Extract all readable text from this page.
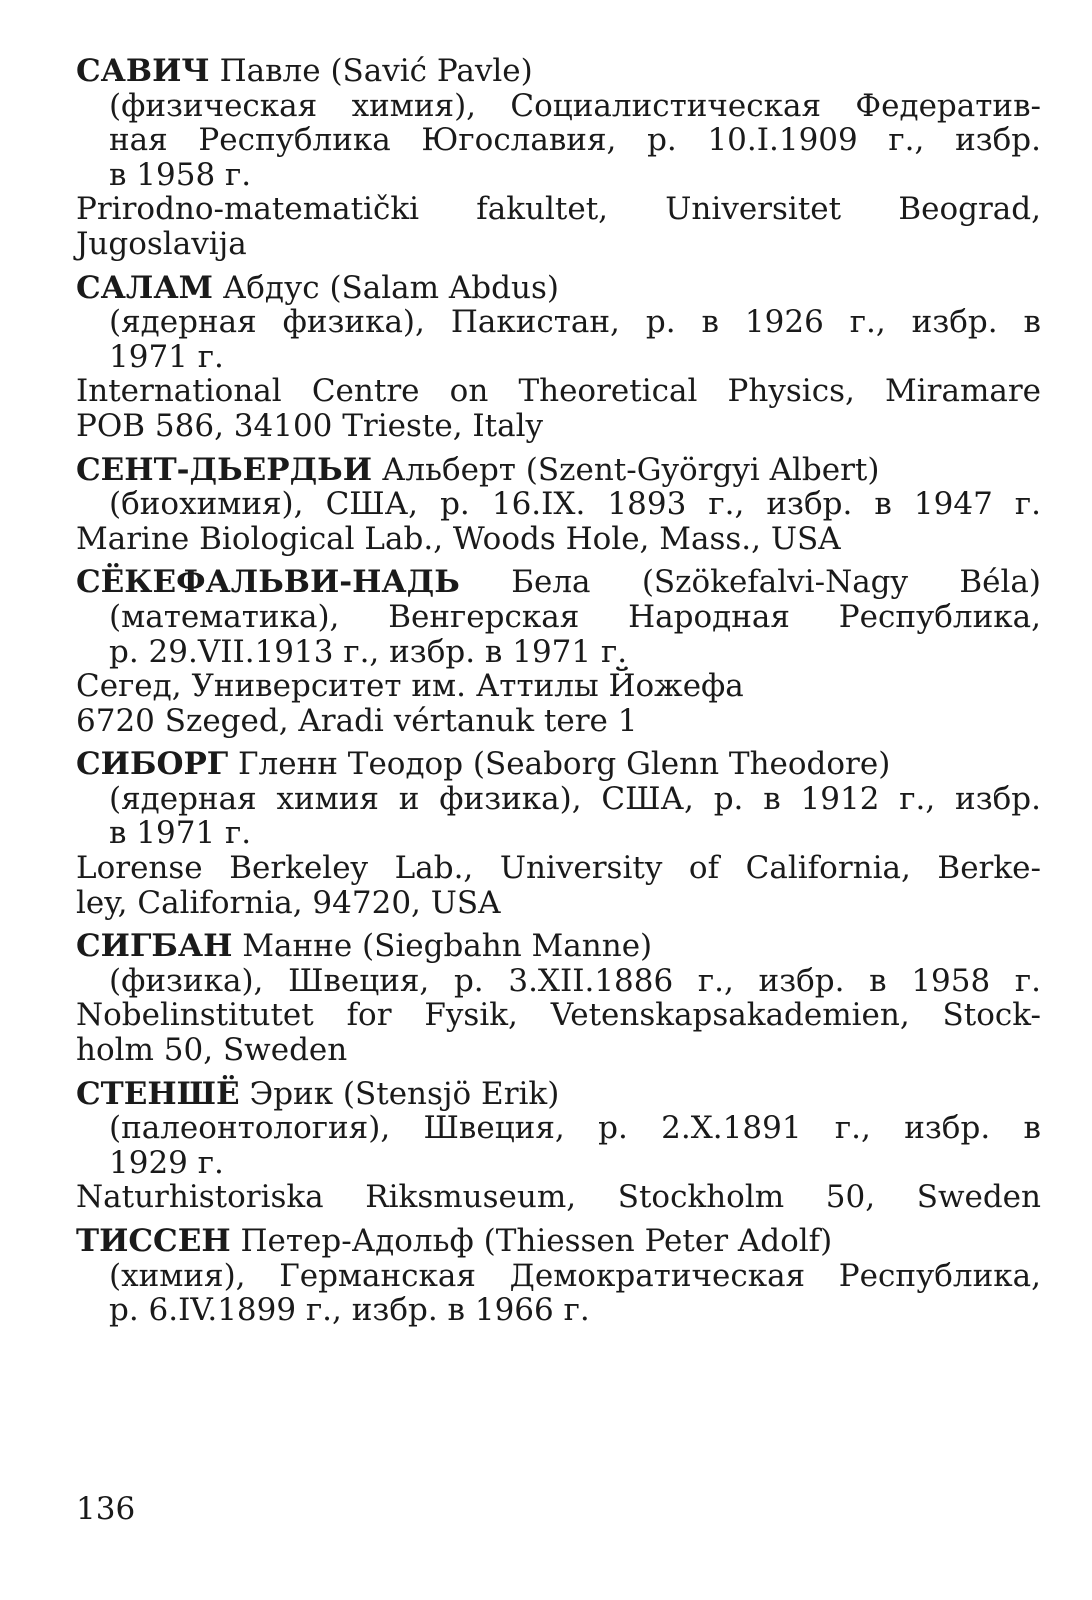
САВИЧ Павле (Savić Pavle)
(физическая химия), Социалистическая Федератив-
ная Республика Югославия, р. 10.I.1909 г., избр.
в 1958 г.
Prirodno-matematički fakultet, Universitet Beograd,
Jugoslavija
САЛАМ Абдус (Salam Abdus)
(ядерная физика), Пакистан, р. в 1926 г., избр. в
1971 г.
International Centre on Theoretical Physics, Miramare
POB 586, 34100 Trieste, Italy
СЕНТ-ДЬЕРДЬИ Альберт (Szent-Györgyi Albert)
(биохимия), США, р. 16.IX. 1893 г., избр. в 1947 г.
Marine Biological Lab., Woods Hole, Mass., USA
СЁКЕФАЛЬВИ-НАДЬ Бела (Szökefalvi-Nagy Béla)
(математика), Венгерская Народная Республика,
р. 29.VII.1913 г., избр. в 1971 г.
Сегед, Университет им. Аттилы Йожефа
6720 Szeged, Aradi vértanuk tere 1
СИБОРГ Гленн Теодор (Seaborg Glenn Theodore)
(ядерная химия и физика), США, р. в 1912 г., избр.
в 1971 г.
Lorense Berkeley Lab., University of California, Berke-
ley, California, 94720, USA
СИГБАН Манне (Siegbahn Manne)
(физика), Швеция, р. 3.XII.1886 г., избр. в 1958 г.
Nobelinstitutet for Fysik, Vetenskapsakademien, Stock-
holm 50, Sweden
СТЕНШЁ Эрик (Stensjö Erik)
(палеонтология), Швеция, р. 2.X.1891 г., избр. в
1929 г.
Naturhistoriska Riksmuseum, Stockholm 50, Sweden
ТИССЕН Петер-Адольф (Thiessen Peter Adolf)
(химия), Германская Демократическая Республика,
р. 6.IV.1899 г., избр. в 1966 г.
136
